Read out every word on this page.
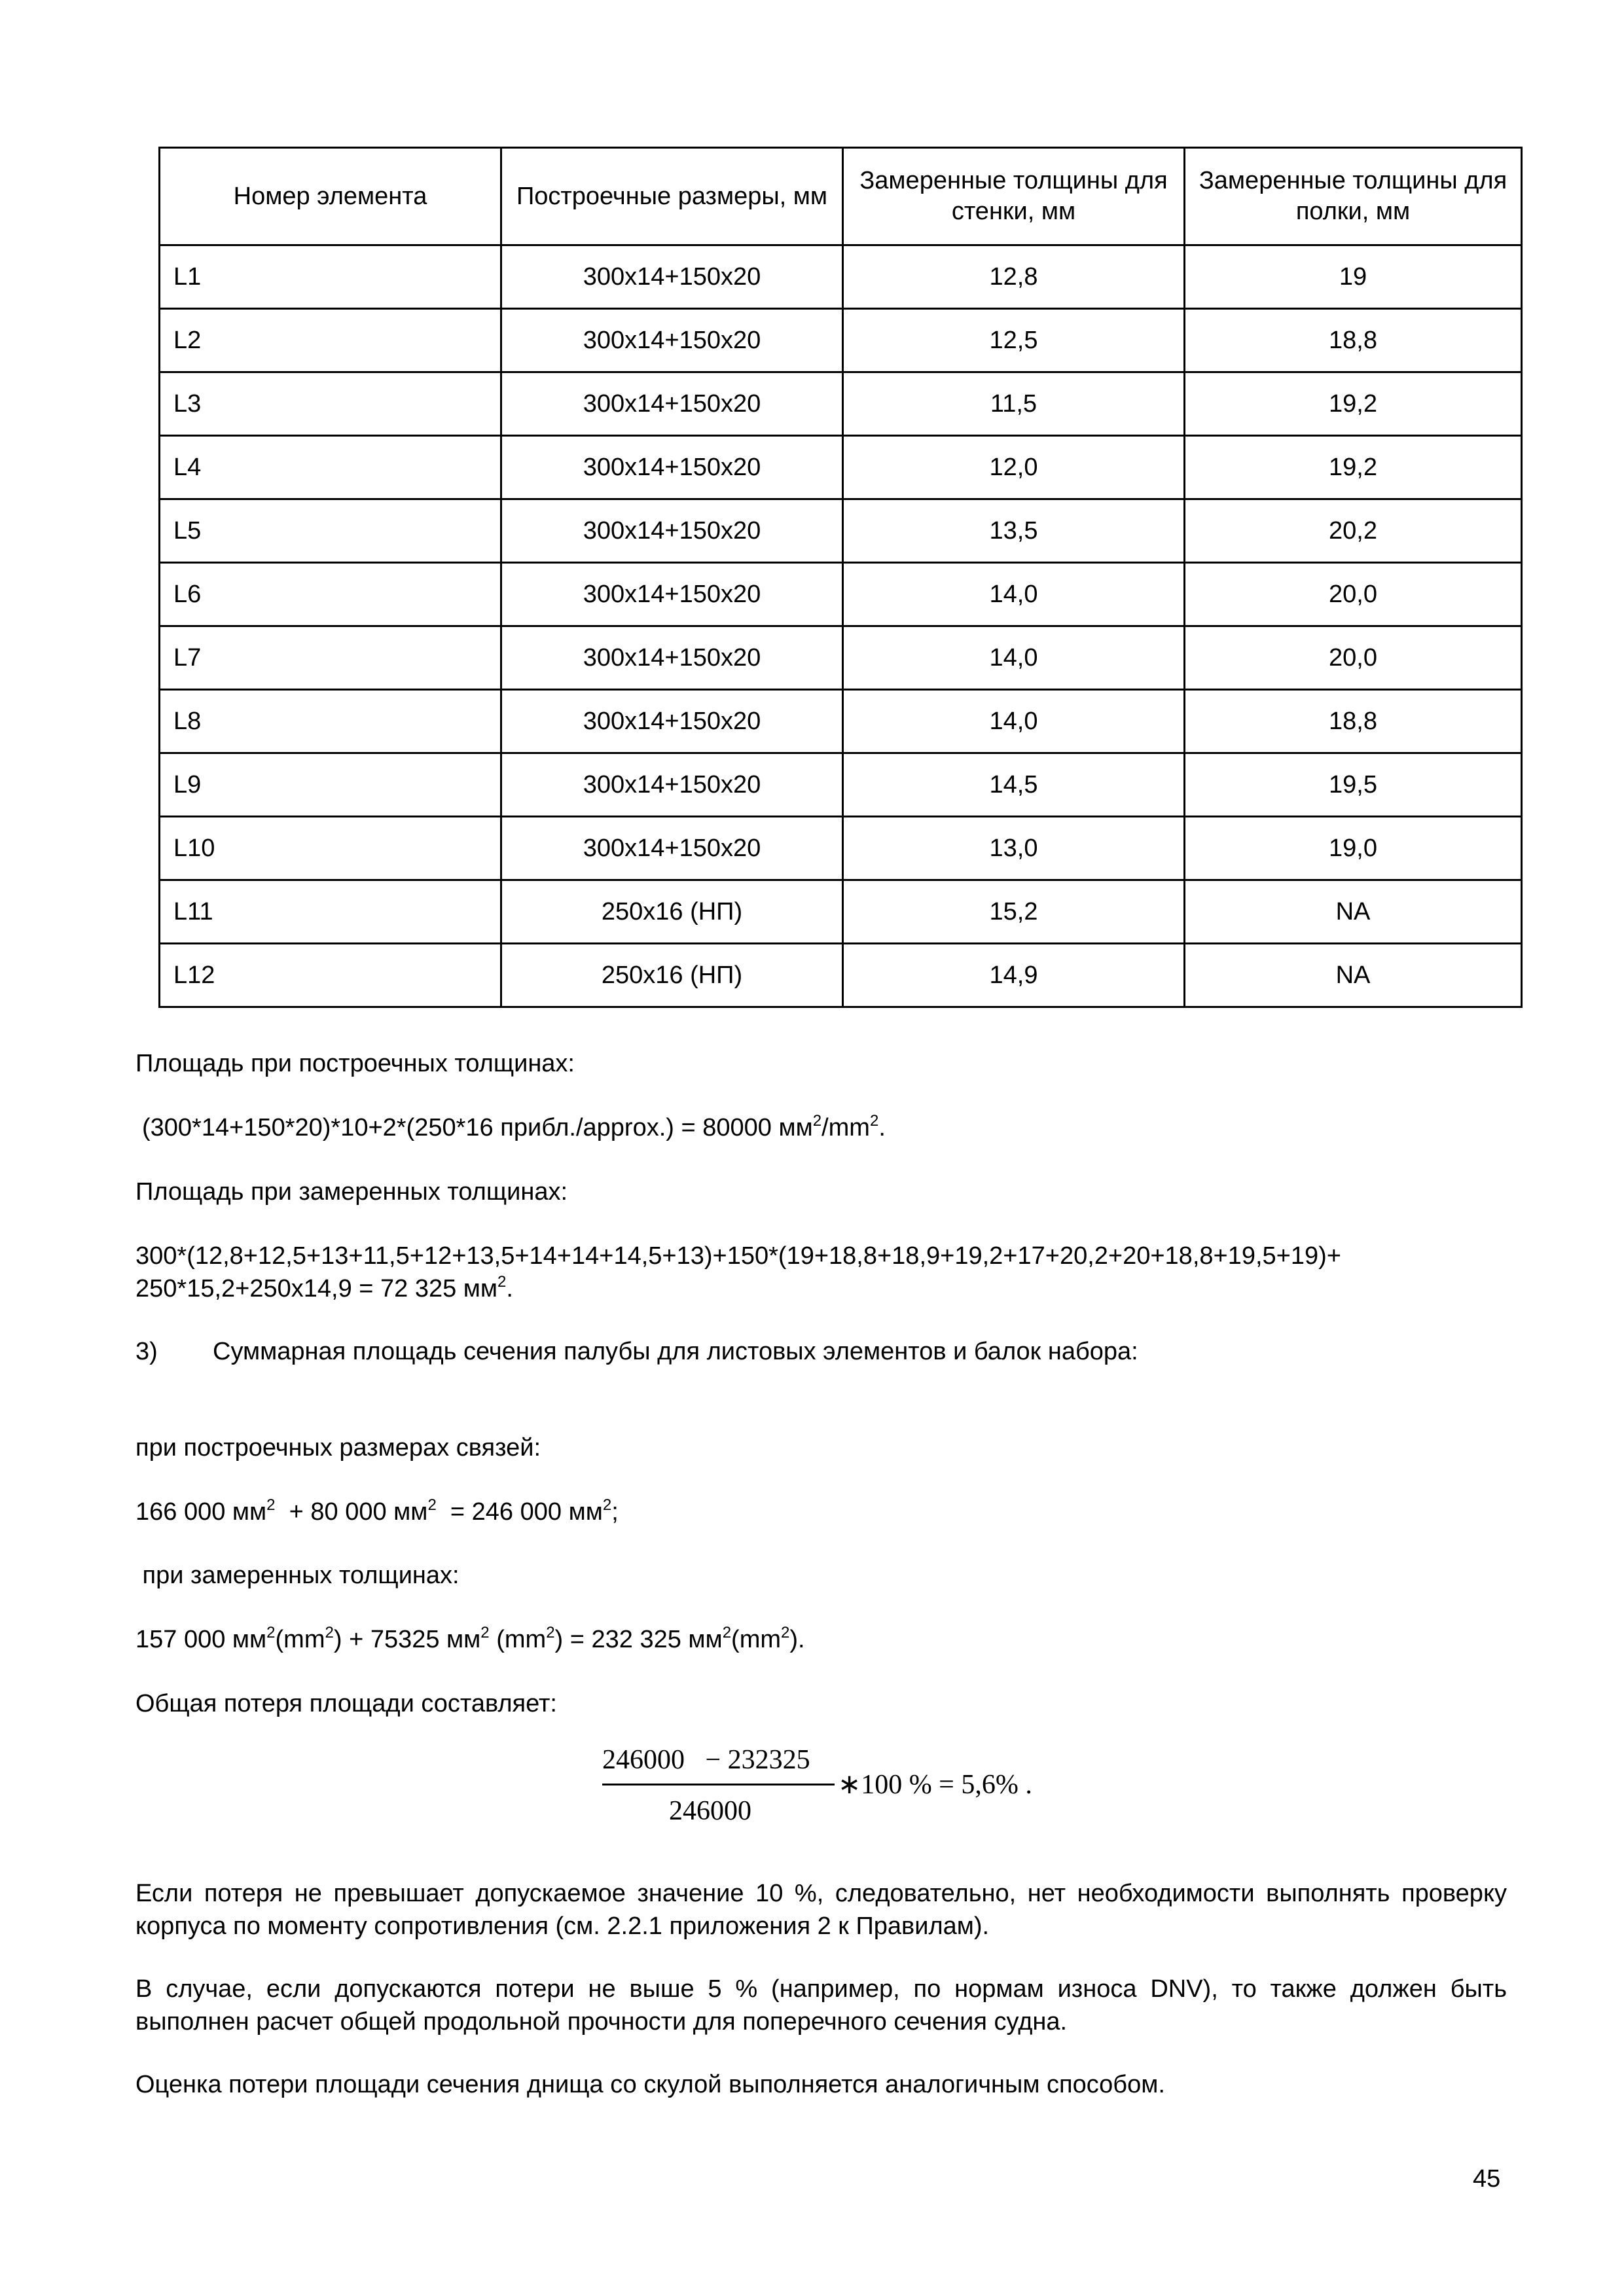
Номер элемента	Построечные размеры, мм	Замеренные толщины для стенки, мм	Замеренные толщины для полки, мм
L1	300x14+150x20	12,8	19
L2	300x14+150x20	12,5	18,8
L3	300x14+150x20	11,5	19,2
L4	300x14+150x20	12,0	19,2
L5	300x14+150x20	13,5	20,2
L6	300x14+150x20	14,0	20,0
L7	300x14+150x20	14,0	20,0
L8	300x14+150x20	14,0	18,8
L9	300x14+150x20	14,5	19,5
L10	300x14+150x20	13,0	19,0
L11	250x16 (НП)	15,2	NA
L12	250x16 (НП)	14,9	NA
Площадь при построечных толщинах:
(300*14+150*20)*10+2*(250*16 прибл./approx.) = 80000 $мм^2/mm^2$.
Площадь при замеренных толщинах:
300*(12,8+12,5+13+11,5+12+13,5+14+14+14,5+13)+150*(19+18,8+18,9+19,2+17+20,2+20+18,8+19,5+19)+
250*15,2+250x14,9 = 72 325 $мм^2$.
3) Суммарная площадь сечения палубы для листовых элементов и балок набора:
при построечных размерах связей:
166 000 $мм^2 + 80$ 000 $мм^2 = 246$ 000 $мм^2$;
при замеренных толщинах:
157 000 $мм^2(mm^2) + 75325$ $мм^2$ $(mm^2) = 232$ 325 $мм^2(mm^2)$.
Общая потеря площади составляет:
246000   − 232325
246000
∗100 % = 5,6% .
Если потеря не превышает допускаемое значение 10 %, следовательно, нет необходимости выполнять проверку корпуса по моменту сопротивления (см. 2.2.1 приложения 2 к Правилам).
В случае, если допускаются потери не выше 5 % (например, по нормам износа DNV), то также должен быть выполнен расчет общей продольной прочности для поперечного сечения судна.
Оценка потери площади сечения днища со скулой выполняется аналогичным способом.
45
